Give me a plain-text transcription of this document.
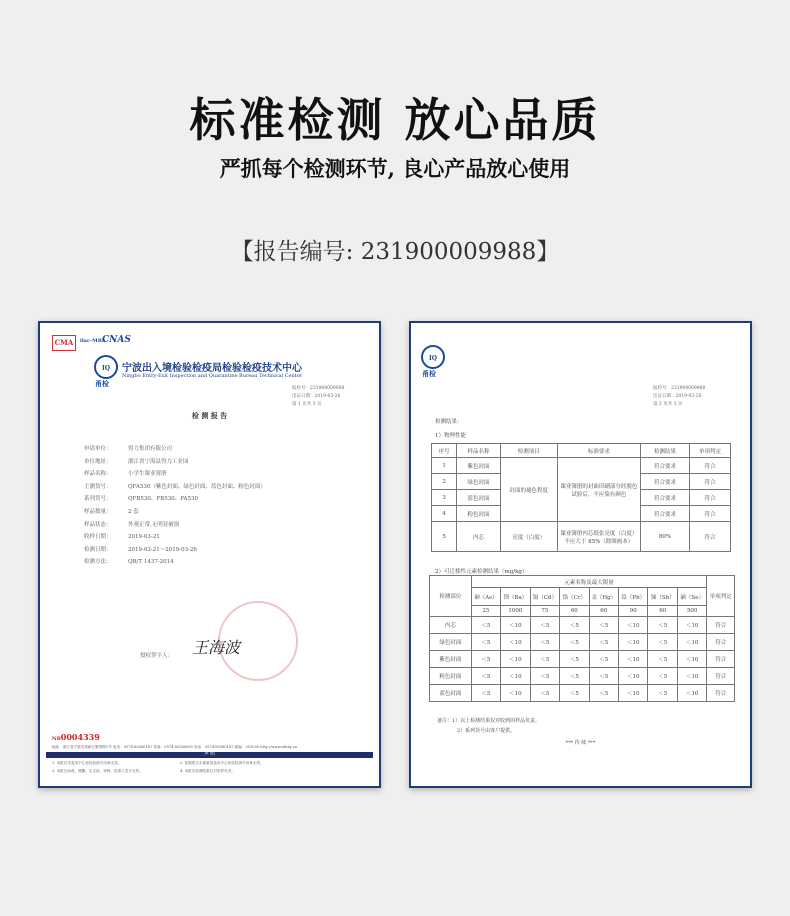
标准检测 放心品质
严抓每个检测环节, 良心产品放心使用
【报告编号: 231900009988】
CMA	ilac-MRA
CNAS
IQ
甬检
宁波出入境检验检疫局检验检疫技术中心
Ningbo Entry-Exit Inspection and Quarantine Bureau Technical Center
报检号：231900009988
出证日期：2019-03-26
第 1 页共 3 页
检 测 报 告
申请单位：	得力集团有限公司
单位地址：	浙江省宁海县得力工业园
样品名称：	小学生课业簿册
主测货号：	QFA530（紫色封面、绿色封面、蓝色封面、粉色封面）
系列货号：	QFB530、FB530、FA530
样品数量：	2 套
样品状态：	外观正常,无明显破损
收样日期：	2019-03-21
检测日期：	2019-03-21～2019-03-26
检测方法：	QB/T 1437-2014
授权签字人： 王海波
NB0004339
地址：浙江省宁波市高新区聚贤路1号 电话：0574-85580187 传真：0574-85580000 电话：0574-85580187 邮编：315000 http://www.nbciq.cn
声 明
1. 本报告未盖本中心检验检测专用章无效。	2. 复制报告未重新加盖本中心检验检测专用章无效。
3. 本报告涂改、增删、无主检、审核、批准人签字无效。	4. 本报告检测结果仅对来样负责。
IQ
甬检
报检号：231900009988
出证日期：2019-03-26
第 2 页共 3 页
检测结果：
1）物理性能
序号	样品名称	检测项目	标准要求	检测结果	单项判定
1	紫色封面	封面的褪色程度	课业簿册的封面印刷部分经脱色试验后，不应染有颜色	符合要求	符合
2	绿色封面			符合要求	符合
3	蓝色封面			符合要求	符合
4	粉色封面			符合要求	符合
5	内芯	亮度（白度）	课业簿册内芯纸张亮度（白度）不应大于 85%（除图画本）	80%	符合
2）可迁移性元素检测结果（mg/kg）
检测部位	元素名称及最大限量								单项判定
	砷（As）	钡（Ba）	镉（Cd）	铬（Cr）	汞（Hg）	铅（Pb）	锑（Sb）	硒（Se）	
	25	1000	75	60	60	90	60	500	
内芯	＜5	＜10	＜5	＜5	＜5	＜10	＜5	＜10	符合
绿色封面	＜5	＜10	＜5	＜5	＜5	＜10	＜5	＜10	符合
紫色封面	＜5	＜10	＜5	＜5	＜5	＜10	＜5	＜10	符合
粉色封面	＜5	＜10	＜5	＜5	＜5	＜10	＜5	＜10	符合
蓝色封面	＜5	＜10	＜5	＜5	＜5	＜10	＜5	＜10	符合
备注：1）以上检测结果仅对收到的样品负责。
2）系列货号由客户提供。
*** 待 续 ***
